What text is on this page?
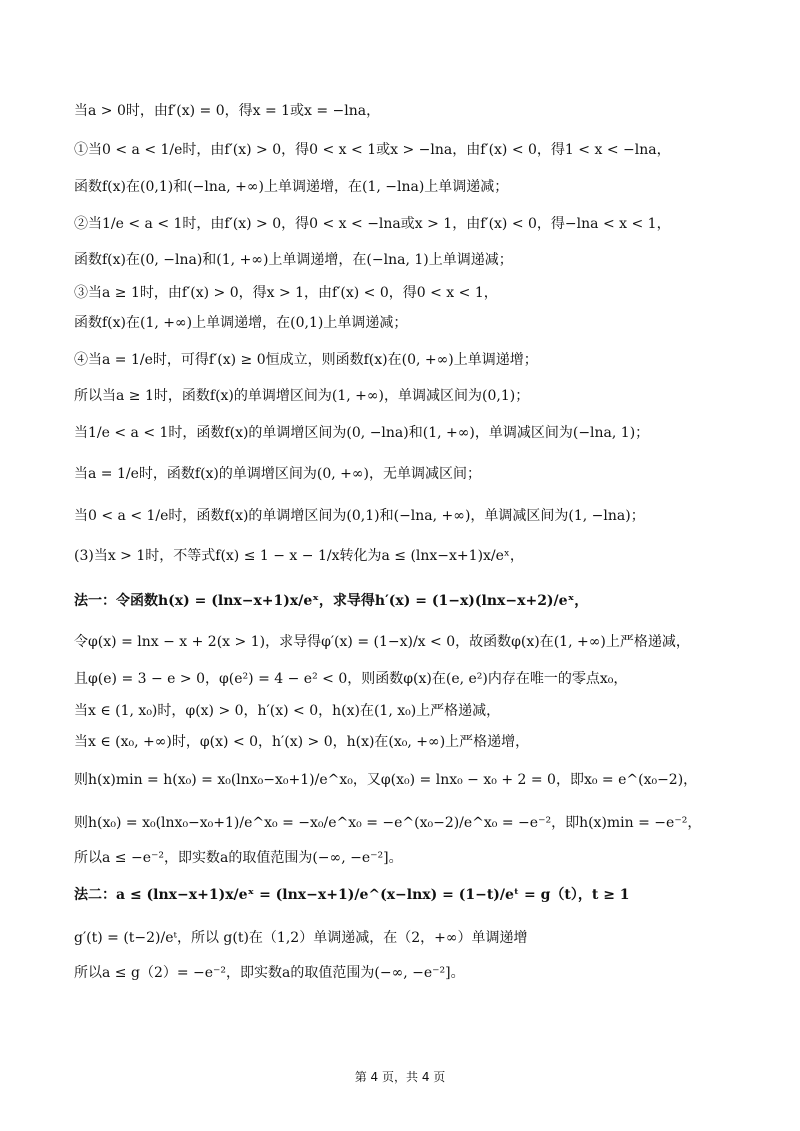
当a > 0时，由f′(x) = 0，得x = 1或x = −lna，
①当0 < a < 1/e时，由f′(x) > 0，得0 < x < 1或x > −lna，由f′(x) < 0，得1 < x < −lna，
函数f(x)在(0,1)和(−lna, +∞)上单调递增，在(1, −lna)上单调递减；
②当1/e < a < 1时，由f′(x) > 0，得0 < x < −lna或x > 1，由f′(x) < 0，得−lna < x < 1，
函数f(x)在(0, −lna)和(1, +∞)上单调递增，在(−lna, 1)上单调递减；
③当a ≥ 1时，由f′(x) > 0，得x > 1，由f′(x) < 0，得0 < x < 1，
函数f(x)在(1, +∞)上单调递增，在(0,1)上单调递减；
④当a = 1/e时，可得f′(x) ≥ 0恒成立，则函数f(x)在(0, +∞)上单调递增；
所以当a ≥ 1时，函数f(x)的单调增区间为(1, +∞)，单调减区间为(0,1)；
当1/e < a < 1时，函数f(x)的单调增区间为(0, −lna)和(1, +∞)，单调减区间为(−lna, 1)；
当a = 1/e时，函数f(x)的单调增区间为(0, +∞)，无单调减区间；
当0 < a < 1/e时，函数f(x)的单调增区间为(0,1)和(−lna, +∞)，单调减区间为(1, −lna)；
(3)当x > 1时，不等式f(x) ≤ 1 − x − 1/x转化为a ≤ (lnx−x+1)x/eˣ，
法一：令函数h(x) = (lnx−x+1)x/eˣ，求导得h′(x) = (1−x)(lnx−x+2)/eˣ，
令φ(x) = lnx − x + 2(x > 1)，求导得φ′(x) = (1−x)/x < 0，故函数φ(x)在(1, +∞)上严格递减，
且φ(e) = 3 − e > 0，φ(e²) = 4 − e² < 0，则函数φ(x)在(e, e²)内存在唯一的零点x₀，
当x ∈ (1, x₀)时，φ(x) > 0，h′(x) < 0，h(x)在(1, x₀)上严格递减，
当x ∈ (x₀, +∞)时，φ(x) < 0，h′(x) > 0，h(x)在(x₀, +∞)上严格递增，
则h(x)min = h(x₀) = x₀(lnx₀−x₀+1)/e^x₀，又φ(x₀) = lnx₀ − x₀ + 2 = 0，即x₀ = e^(x₀−2)，
则h(x₀) = x₀(lnx₀−x₀+1)/e^x₀ = −x₀/e^x₀ = −e^(x₀−2)/e^x₀ = −e⁻²，即h(x)min = −e⁻²，
所以a ≤ −e⁻²，即实数a的取值范围为(−∞, −e⁻²]。
法二：a ≤ (lnx−x+1)x/eˣ = (lnx−x+1)/e^(x−lnx) = (1−t)/eᵗ = g（t），t ≥ 1
g′(t) = (t−2)/eᵗ，所以 g(t)在（1,2）单调递减，在（2，+∞）单调递增
所以a ≤ g（2）= −e⁻²，即实数a的取值范围为(−∞, −e⁻²]。
第 4 页，共 4 页
